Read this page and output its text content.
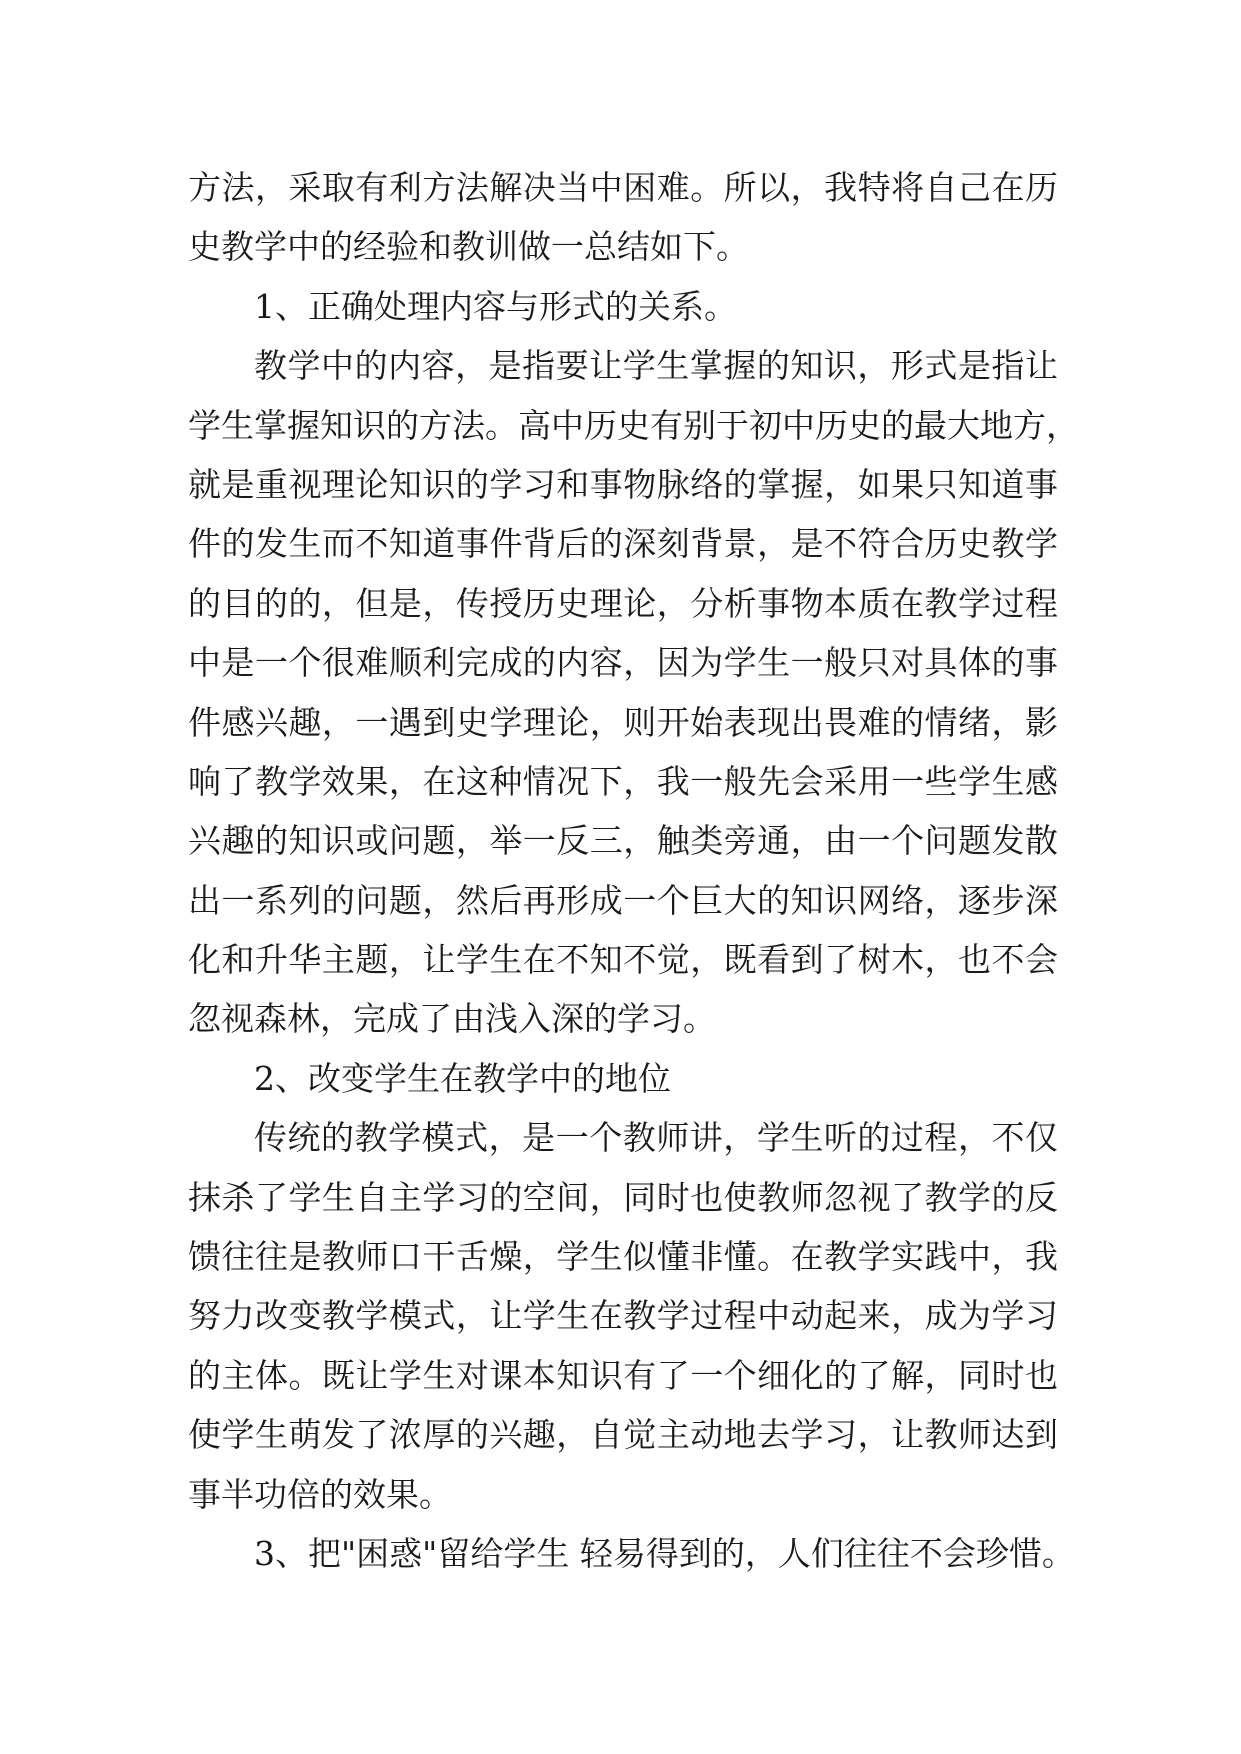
方法，采取有利方法解决当中困难。所以，我特将自己在历
史教学中的经验和教训做一总结如下。
1、正确处理内容与形式的关系。
教学中的内容，是指要让学生掌握的知识，形式是指让
学生掌握知识的方法。高中历史有别于初中历史的最大地方，
就是重视理论知识的学习和事物脉络的掌握，如果只知道事
件的发生而不知道事件背后的深刻背景，是不符合历史教学
的目的的，但是，传授历史理论，分析事物本质在教学过程
中是一个很难顺利完成的内容，因为学生一般只对具体的事
件感兴趣，一遇到史学理论，则开始表现出畏难的情绪，影
响了教学效果，在这种情况下，我一般先会采用一些学生感
兴趣的知识或问题，举一反三，触类旁通，由一个问题发散
出一系列的问题，然后再形成一个巨大的知识网络，逐步深
化和升华主题，让学生在不知不觉，既看到了树木，也不会
忽视森林，完成了由浅入深的学习。
2、改变学生在教学中的地位
传统的教学模式，是一个教师讲，学生听的过程，不仅
抹杀了学生自主学习的空间，同时也使教师忽视了教学的反
馈往往是教师口干舌燥，学生似懂非懂。在教学实践中，我
努力改变教学模式，让学生在教学过程中动起来，成为学习
的主体。既让学生对课本知识有了一个细化的了解，同时也
使学生萌发了浓厚的兴趣，自觉主动地去学习，让教师达到
事半功倍的效果。
3、把"困惑"留给学生 轻易得到的，人们往往不会珍惜。
